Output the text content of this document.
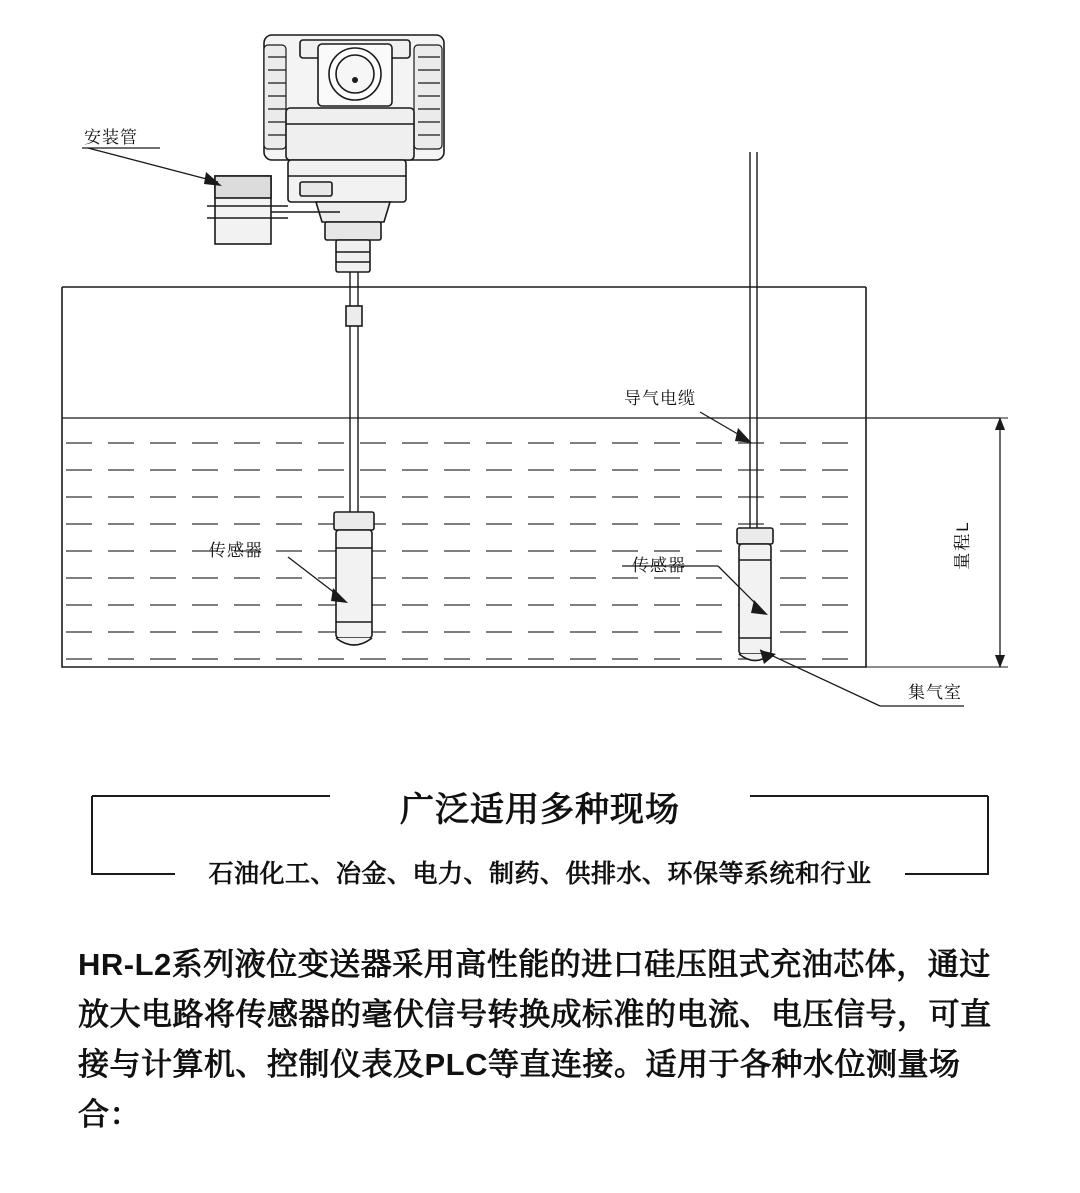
安装管
导气电缆
传感器
传感器
集气室
量程L
广泛适用多种现场
石油化工、冶金、电力、制药、供排水、环保等系统和行业
HR-L2系列液位变送器采用高性能的进口硅压阻式充油芯体，通过放大电路将传感器的毫伏信号转换成标准的电流、电压信号，可直接与计算机、控制仪表及PLC等直连接。适用于各种水位测量场合：
